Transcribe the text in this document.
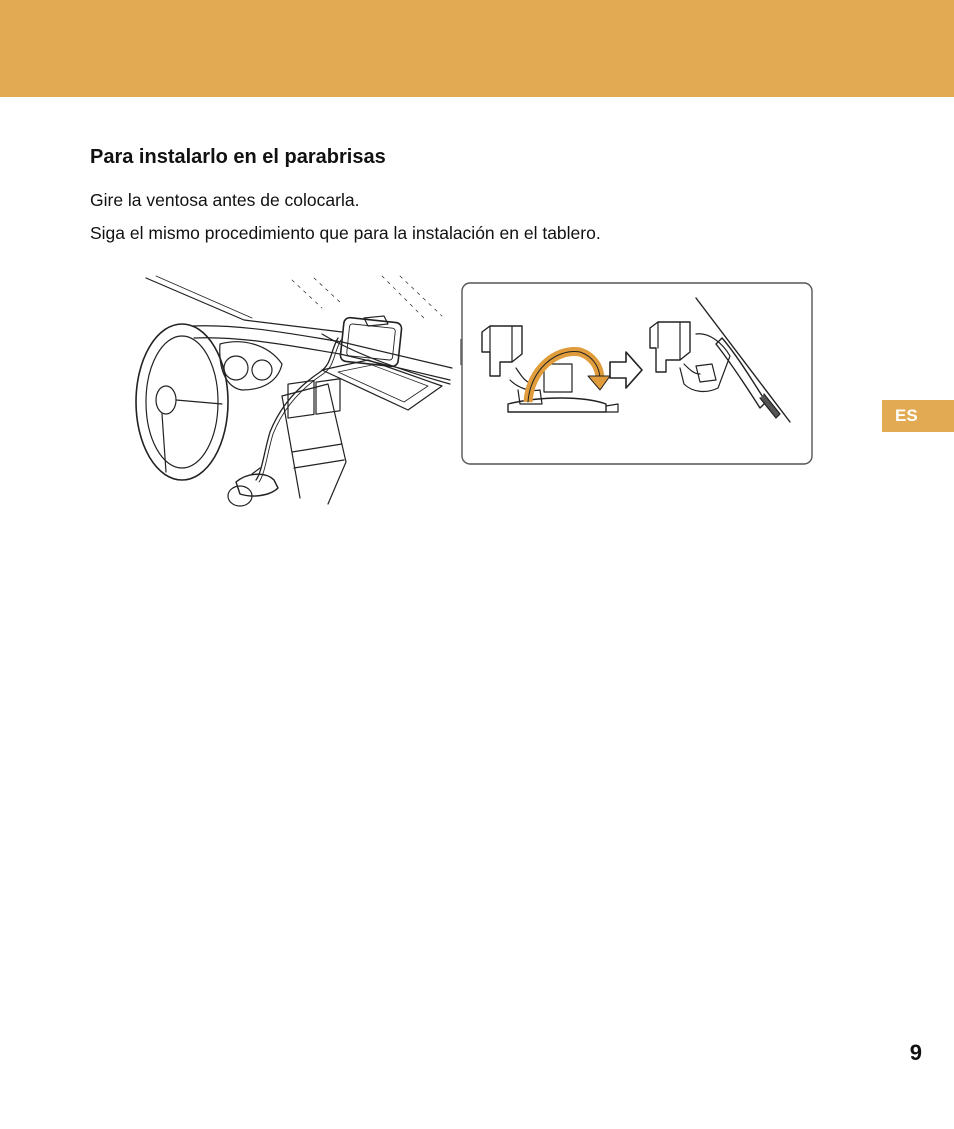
Para instalarlo en el parabrisas

Gire la ventosa antes de colocarla.

Siga el mismo procedimiento que para la instalación en el tablero.

ES

9
